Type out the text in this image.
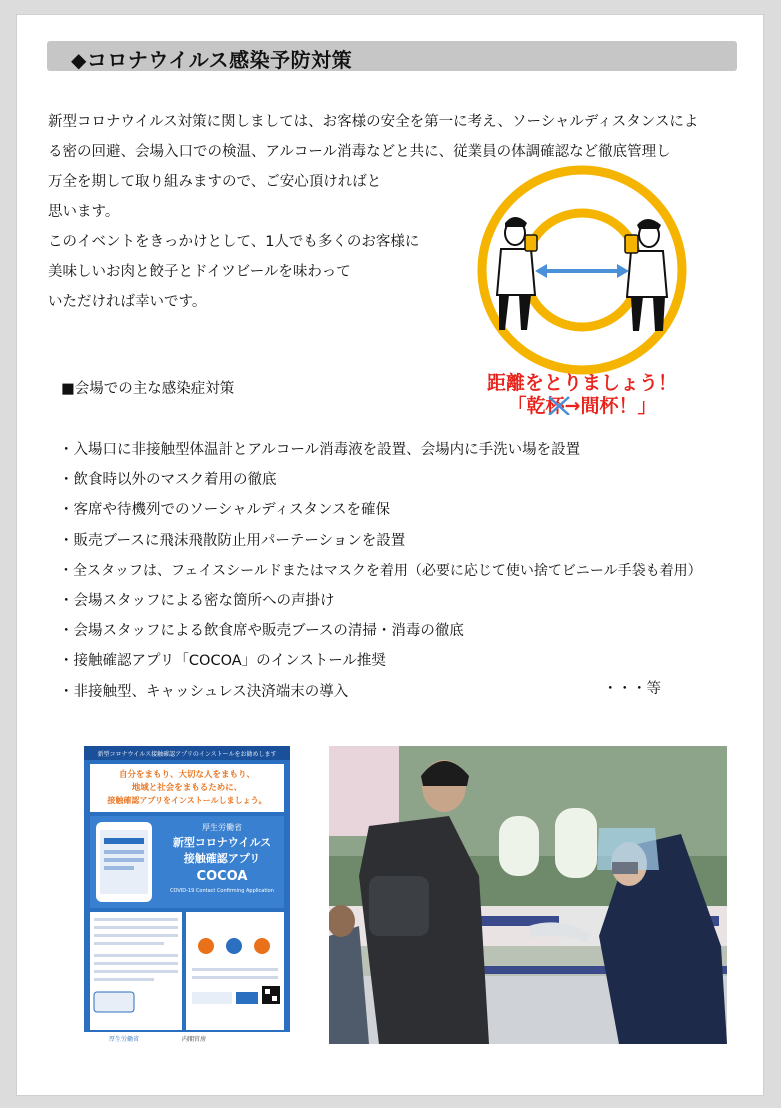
◆コロナウイルス感染予防対策
新型コロナウイルス対策に関しましては、お客様の安全を第一に考え、ソーシャルディスタンスによ
る密の回避、会場入口での検温、アルコール消毒などと共に、従業員の体調確認など徹底管理し
万全を期して取り組みますので、ご安心頂ければと
思います。
このイベントをきっかけとして、1人でも多くのお客様に
美味しいお肉と餃子とドイツビールを味わって
いただければ幸いです。
距離をとりましょう！
「乾杯→間杯！」
■会場での主な感染症対策
・入場口に非接触型体温計とアルコール消毒液を設置、会場内に手洗い場を設置
・飲食時以外のマスク着用の徹底
・客席や待機列でのソーシャルディスタンスを確保
・販売ブースに飛沫飛散防止用パーテーションを設置
・全スタッフは、フェイスシールドまたはマスクを着用（必要に応じて使い捨てビニール手袋も着用）
・会場スタッフによる密な箇所への声掛け
・会場スタッフによる飲食席や販売ブースの清掃・消毒の徹底
・接触確認アプリ「COCOA」のインストール推奨
・非接触型、キャッシュレス決済端末の導入	・・・等
新型コロナウイルス接触確認アプリのインストールをお勧めします
自分をまもり、大切な人をまもり、
地域と社会をまもるために、
接触確認アプリをインストールしましょう。
厚生労働省
新型コロナウイルス
接触確認アプリ
COCOA
COVID-19 Contact Confirming Application
厚生労働省	内閣官房
